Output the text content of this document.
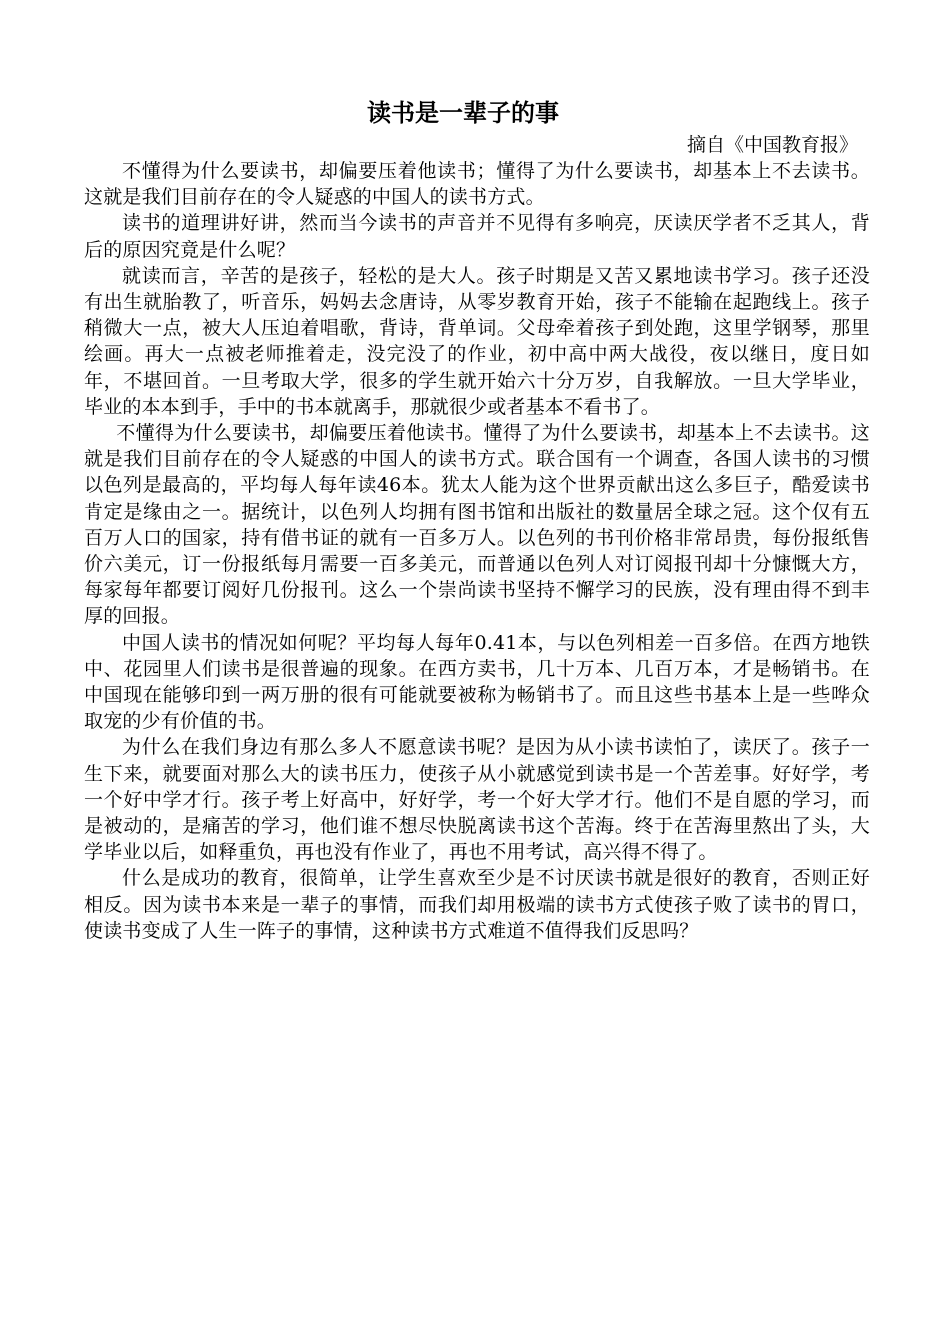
读书是一辈子的事

摘自《中国教育报》

不懂得为什么要读书，却偏要压着他读书；懂得了为什么要读书，却基本上不去读书。这就是我们目前存在的令人疑惑的中国人的读书方式。

读书的道理讲好讲，然而当今读书的声音并不见得有多响亮，厌读厌学者不乏其人，背后的原因究竟是什么呢？

就读而言，辛苦的是孩子，轻松的是大人。孩子时期是又苦又累地读书学习。孩子还没有出生就胎教了，听音乐，妈妈去念唐诗，从零岁教育开始，孩子不能输在起跑线上。孩子稍微大一点，被大人压迫着唱歌，背诗，背单词。父母牵着孩子到处跑，这里学钢琴，那里绘画。再大一点被老师推着走，没完没了的作业，初中高中两大战役，夜以继日，度日如年，不堪回首。一旦考取大学，很多的学生就开始六十分万岁，自我解放。一旦大学毕业，毕业的本本到手，手中的书本就离手，那就很少或者基本不看书了。

不懂得为什么要读书，却偏要压着他读书。懂得了为什么要读书，却基本上不去读书。这就是我们目前存在的令人疑惑的中国人的读书方式。联合国有一个调查，各国人读书的习惯以色列是最高的，平均每人每年读46本。犹太人能为这个世界贡献出这么多巨子，酷爱读书肯定是缘由之一。据统计，以色列人均拥有图书馆和出版社的数量居全球之冠。这个仅有五百万人口的国家，持有借书证的就有一百多万人。以色列的书刊价格非常昂贵，每份报纸售价六美元，订一份报纸每月需要一百多美元，而普通以色列人对订阅报刊却十分慷慨大方，每家每年都要订阅好几份报刊。这么一个崇尚读书坚持不懈学习的民族，没有理由得不到丰厚的回报。

中国人读书的情况如何呢？平均每人每年0.41本，与以色列相差一百多倍。在西方地铁中、花园里人们读书是很普遍的现象。在西方卖书，几十万本、几百万本，才是畅销书。在中国现在能够印到一两万册的很有可能就要被称为畅销书了。而且这些书基本上是一些哗众取宠的少有价值的书。

为什么在我们身边有那么多人不愿意读书呢？是因为从小读书读怕了，读厌了。孩子一生下来，就要面对那么大的读书压力，使孩子从小就感觉到读书是一个苦差事。好好学，考一个好中学才行。孩子考上好高中，好好学，考一个好大学才行。他们不是自愿的学习，而是被动的，是痛苦的学习，他们谁不想尽快脱离读书这个苦海。终于在苦海里熬出了头，大学毕业以后，如释重负，再也没有作业了，再也不用考试，高兴得不得了。

什么是成功的教育，很简单，让学生喜欢至少是不讨厌读书就是很好的教育，否则正好相反。因为读书本来是一辈子的事情，而我们却用极端的读书方式使孩子败了读书的胃口，使读书变成了人生一阵子的事情，这种读书方式难道不值得我们反思吗？
